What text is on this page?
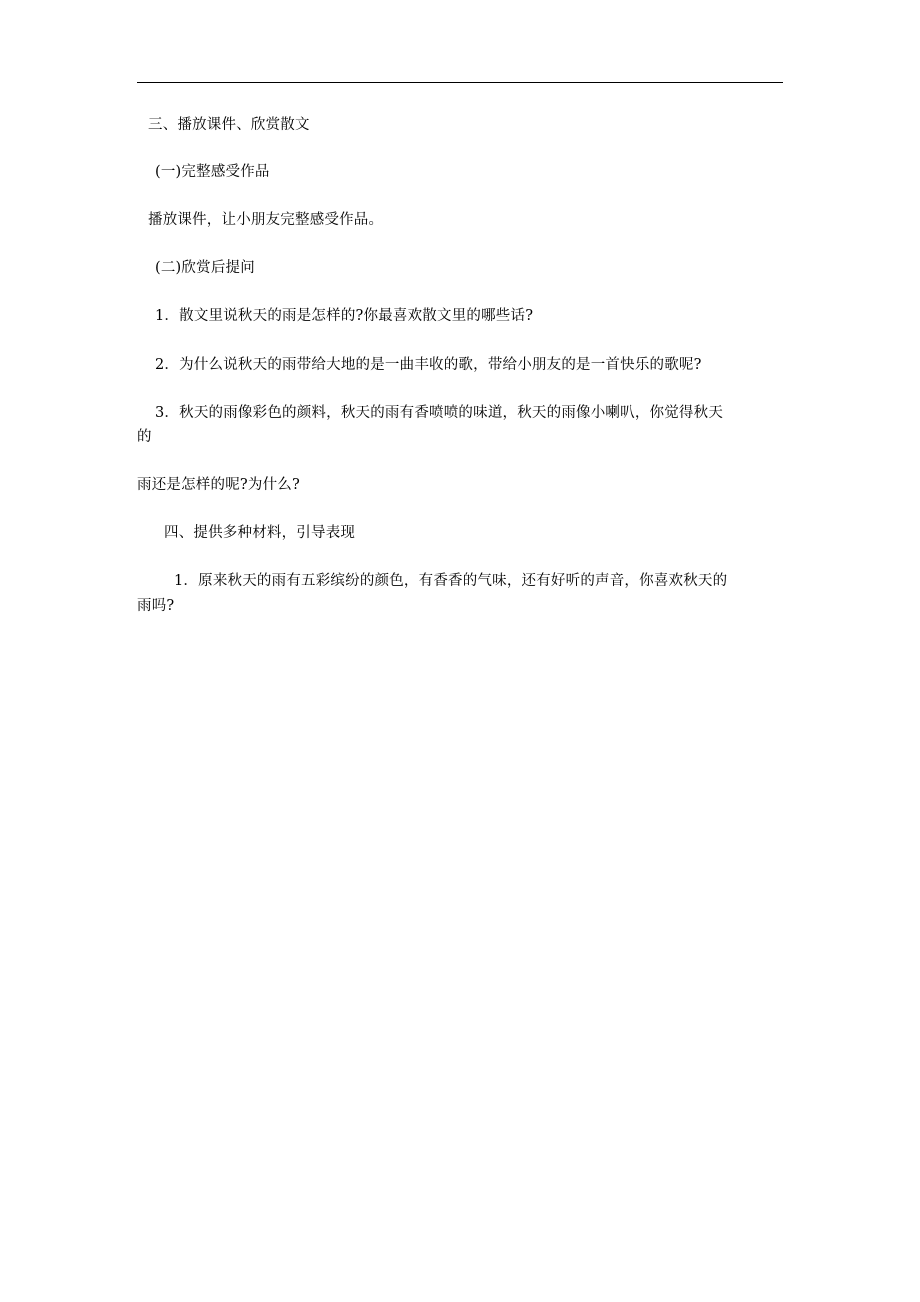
三、播放课件、欣赏散文
(一)完整感受作品
播放课件，让小朋友完整感受作品。
(二)欣赏后提问
1．散文里说秋天的雨是怎样的?你最喜欢散文里的哪些话?
2．为什么说秋天的雨带给大地的是一曲丰收的歌，带给小朋友的是一首快乐的歌呢?
3．秋天的雨像彩色的颜料，秋天的雨有香喷喷的味道，秋天的雨像小喇叭，你觉得秋天
的
雨还是怎样的呢?为什么?
四、提供多种材料，引导表现
1．原来秋天的雨有五彩缤纷的颜色，有香香的气味，还有好听的声音，你喜欢秋天的
雨吗?
